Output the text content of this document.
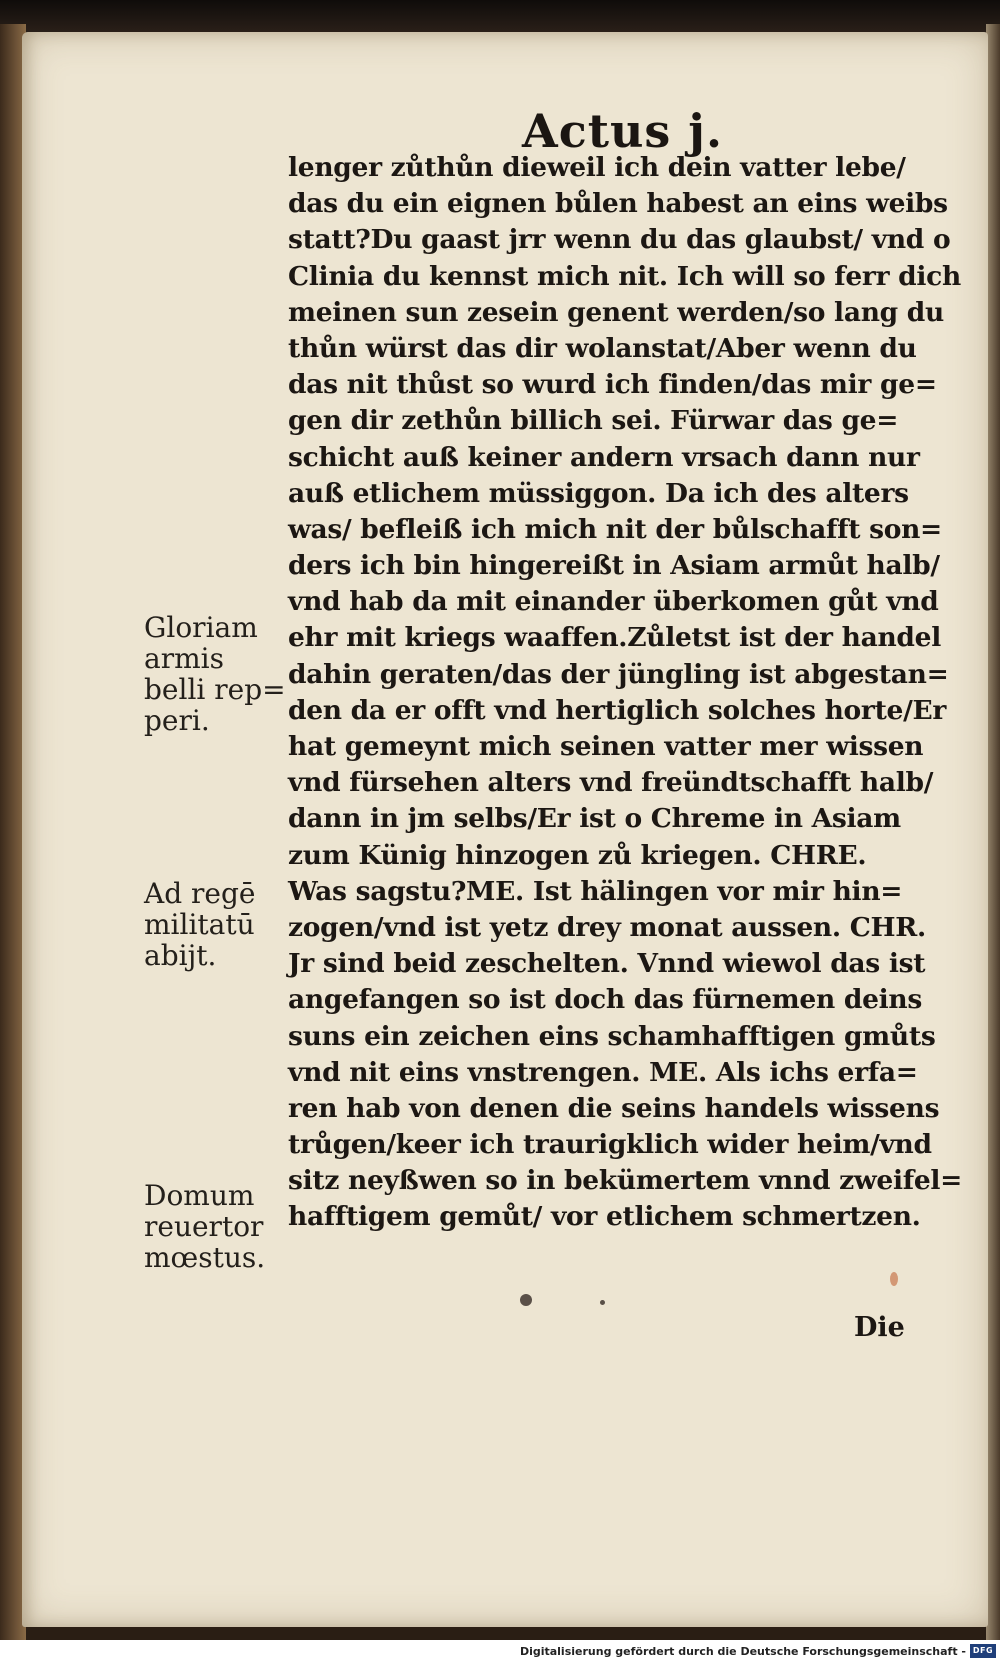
Actus j.
lenger zůthůn dieweil ich dein vatter lebe/
das du ein eignen bůlen habest an eins weibs
statt?Du gaast jrr wenn du das glaubst/ vnd o
Clinia du kennst mich nit. Ich will so ferr dich
meinen sun zesein genent werden/so lang du
thůn würst das dir wolanstat/Aber wenn du
das nit thůst so wurd ich finden/das mir ge=
gen dir zethůn billich sei. Fürwar das ge=
schicht auß keiner andern vrsach dann nur
auß etlichem müssiggon. Da ich des alters
was/ befleiß ich mich nit der bůlschafft son=
ders ich bin hingereißt in Asiam armůt halb/
vnd hab da mit einander überkomen gůt vnd
ehr mit kriegs waaffen.Zůletst ist der handel
dahin geraten/das der jüngling ist abgestan=
den da er offt vnd hertiglich solches horte/Er
hat gemeynt mich seinen vatter mer wissen
vnd fürsehen alters vnd freündtschafft halb/
dann in jm selbs/Er ist o Chreme in Asiam
zum Künig hinzogen zů kriegen. CHRE.
Was sagstu?ME. Ist hälingen vor mir hin=
zogen/vnd ist yetz drey monat aussen. CHR.
Jr sind beid zeschelten. Vnnd wiewol das ist
angefangen so ist doch das fürnemen deins
suns ein zeichen eins schamhafftigen gmůts
vnd nit eins vnstrengen. ME. Als ichs erfa=
ren hab von denen die seins handels wissens
trůgen/keer ich traurigklich wider heim/vnd
sitz neyßwen so in bekümertem vnnd zweifel=
hafftigem gemůt/ vor etlichem schmertzen.
Gloriam
armis
belli rep=
peri.
Ad regē
militatū
abijt.
Domum
reuertor
mœstus.
Die
Digitalisierung gefördert durch die Deutsche Forschungsgemeinschaft - DFG
